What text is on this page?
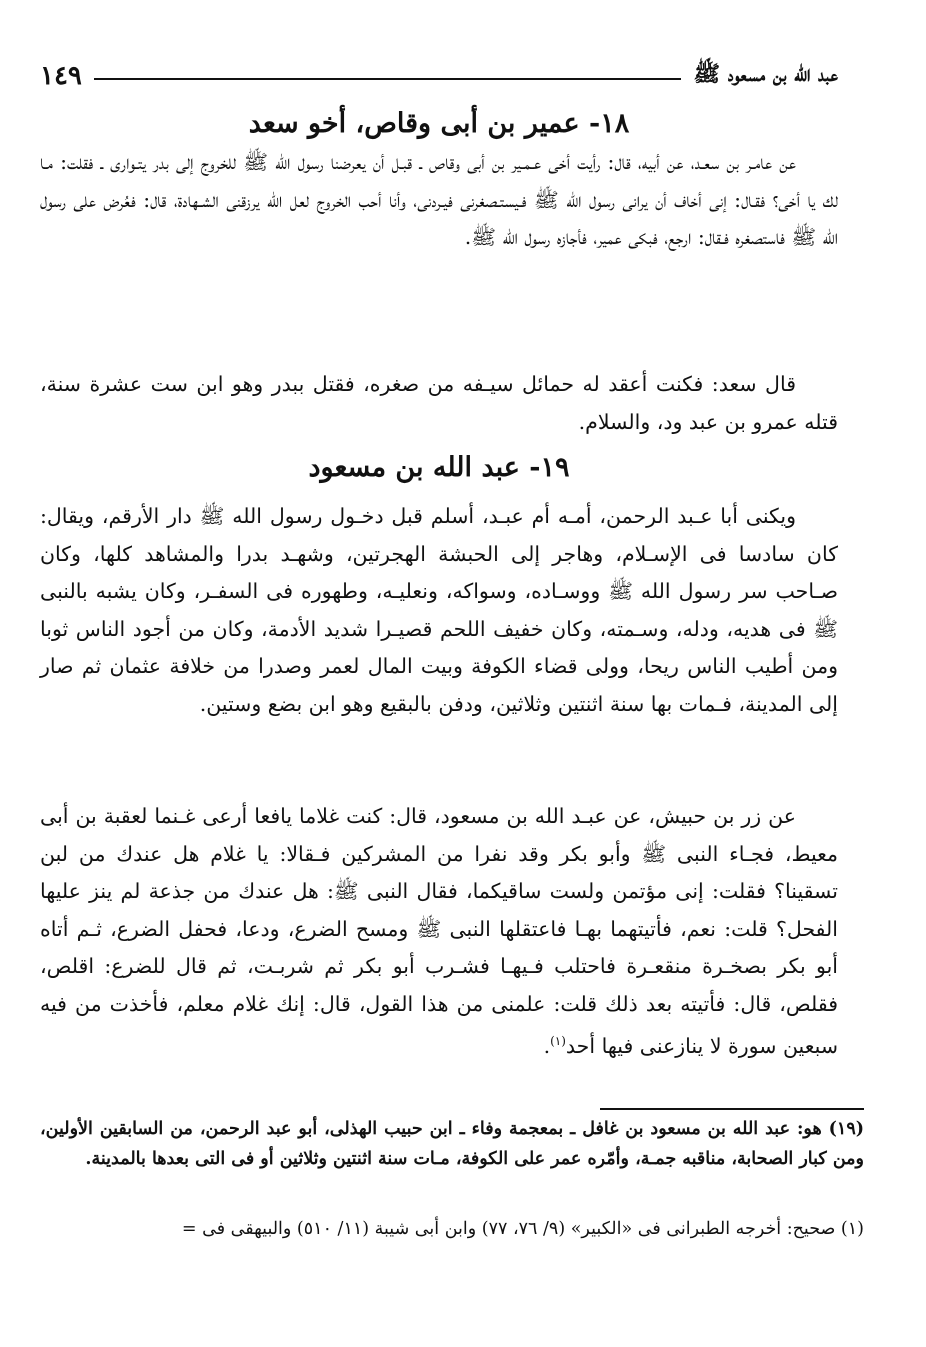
عبد الله بن مسعود ﷺ
١٤٩
١٨- عمير بن أبى وقاص، أخو سعد

عن عامـر بن سعـد، عن أبيه، قال: رأيت أخى عـمـير بن أبى وقاص ـ قبـل أن يعرضنا رسول الله ﷺ للخروج إلى بدر يتـوارى ـ فقلت: مـا لك يا أخى؟ فقـال: إنى أخاف أن يرانى رسول الله ﷺ فـيستـصغرنى فيـردنى، وأنا أحب الخروج لعل الله يرزقنى الشـهادة، قال: فعُرض على رسول الله ﷺ فاستصغره فـقال: ارجع، فبكى عمير، فأجازه رسول الله ﷺ.

قال سعد: فكنت أعقد له حمائل سيـفه من صغره، فقتل ببدر وهو ابن ست عشرة سنة، قتله عمرو بن عبد ود، والسلام.

١٩- عبد الله بن مسعود

ويكنى أبا عـبد الرحمن، أمـه أم عبـد، أسلم قبل دخـول رسول الله ﷺ دار الأرقم، ويقال: كان سادسا فى الإسـلام، وهاجر إلى الحبشة الهجرتين، وشهـد بدرا والمشاهد كلها، وكان صـاحب سر رسول الله ﷺ ووسـاده، وسواكه، ونعليـه، وطهوره فى السفـر، وكان يشبه بالنبى ﷺ فى هديه، ودله، وسـمته، وكان خفيف اللحم قصيـرا شديد الأدمة، وكان من أجود الناس ثوبا ومن أطيب الناس ريحا، وولى قضاء الكوفة وبيت المال لعمر وصدرا من خلافة عثمان ثم صار إلى المدينة، فـمات بها سنة اثنتين وثلاثين، ودفن بالبقيع وهو ابن بضع وستين.

عن زر بن حبيش، عن عبـد الله بن مسعود، قال: كنت غلاما يافعا أرعى غـنما لعقبة بن أبى معيط، فجـاء النبى ﷺ وأبو بكر وقد نفرا من المشركين فـقالا: يا غلام هل عندك من لبن تسقينا؟ فقلت: إنى مؤتمن ولست ساقيكما، فقال النبى ﷺ: هل عندك من جذعة لم ينز عليها الفحل؟ قلت: نعم، فأتيتهما بهـا فاعتقلها النبى ﷺ ومسح الضرع، ودعا، فحفل الضرع، ثـم أتاه أبو بكر بصخـرة منقعـرة فاحتلب فـيهـا فشـرب أبو بكر ثم شربـت، ثم قال للضرع: اقلص، فقلص، قال: فأتيته بعد ذلك قلت: علمنى من هذا القول، قال: إنك غلام معلم، فأخذت من فيه سبعين سورة لا ينازعنى فيها أحد$^{(١)}$.

(١٩) هو: عبد الله بن مسعود بن غافل ـ بمعجمة وفاء ـ ابن حبيب الهذلى، أبو عبد الرحمن، من السابقين الأولين، ومن كبار الصحابة، مناقبه جمـة، وأمّره عمر على الكوفة، مـات سنة اثنتين وثلاثين أو فى التى بعدها بالمدينة.

(١) صحيح: أخرجه الطبرانى فى «الكبير» (٩/ ٧٦، ٧٧) وابن أبى شيبة (١١/ ٥١٠) والبيهقى فى =
